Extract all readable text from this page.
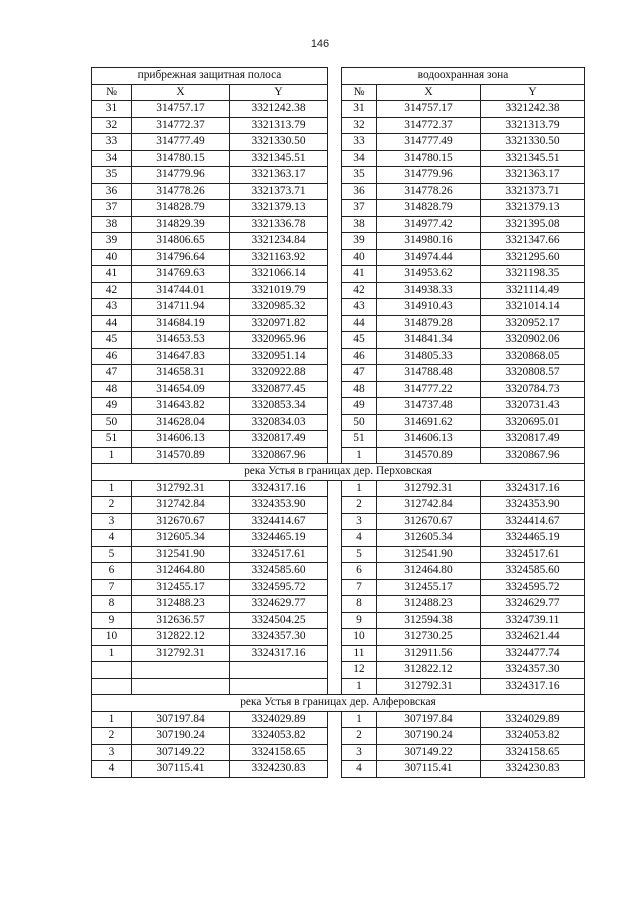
146
прибрежная защитная полоса				водоохранная зона		
№	X	Y		№	X	Y
31	314757.17	3321242.38		31	314757.17	3321242.38
32	314772.37	3321313.79		32	314772.37	3321313.79
33	314777.49	3321330.50		33	314777.49	3321330.50
34	314780.15	3321345.51		34	314780.15	3321345.51
35	314779.96	3321363.17		35	314779.96	3321363.17
36	314778.26	3321373.71		36	314778.26	3321373.71
37	314828.79	3321379.13		37	314828.79	3321379.13
38	314829.39	3321336.78		38	314977.42	3321395.08
39	314806.65	3321234.84		39	314980.16	3321347.66
40	314796.64	3321163.92		40	314974.44	3321295.60
41	314769.63	3321066.14		41	314953.62	3321198.35
42	314744.01	3321019.79		42	314938.33	3321114.49
43	314711.94	3320985.32		43	314910.43	3321014.14
44	314684.19	3320971.82		44	314879.28	3320952.17
45	314653.53	3320965.96		45	314841.34	3320902.06
46	314647.83	3320951.14		46	314805.33	3320868.05
47	314658.31	3320922.88		47	314788.48	3320808.57
48	314654.09	3320877.45		48	314777.22	3320784.73
49	314643.82	3320853.34		49	314737.48	3320731.43
50	314628.04	3320834.03		50	314691.62	3320695.01
51	314606.13	3320817.49		51	314606.13	3320817.49
1	314570.89	3320867.96		1	314570.89	3320867.96
река Устья в границах дер. Перховская						
1	312792.31	3324317.16		1	312792.31	3324317.16
2	312742.84	3324353.90		2	312742.84	3324353.90
3	312670.67	3324414.67		3	312670.67	3324414.67
4	312605.34	3324465.19		4	312605.34	3324465.19
5	312541.90	3324517.61		5	312541.90	3324517.61
6	312464.80	3324585.60		6	312464.80	3324585.60
7	312455.17	3324595.72		7	312455.17	3324595.72
8	312488.23	3324629.77		8	312488.23	3324629.77
9	312636.57	3324504.25		9	312594.38	3324739.11
10	312822.12	3324357.30		10	312730.25	3324621.44
1	312792.31	3324317.16		11	312911.56	3324477.74
				12	312822.12	3324357.30
				1	312792.31	3324317.16
река Устья в границах дер. Алферовская						
1	307197.84	3324029.89		1	307197.84	3324029.89
2	307190.24	3324053.82		2	307190.24	3324053.82
3	307149.22	3324158.65		3	307149.22	3324158.65
4	307115.41	3324230.83		4	307115.41	3324230.83
